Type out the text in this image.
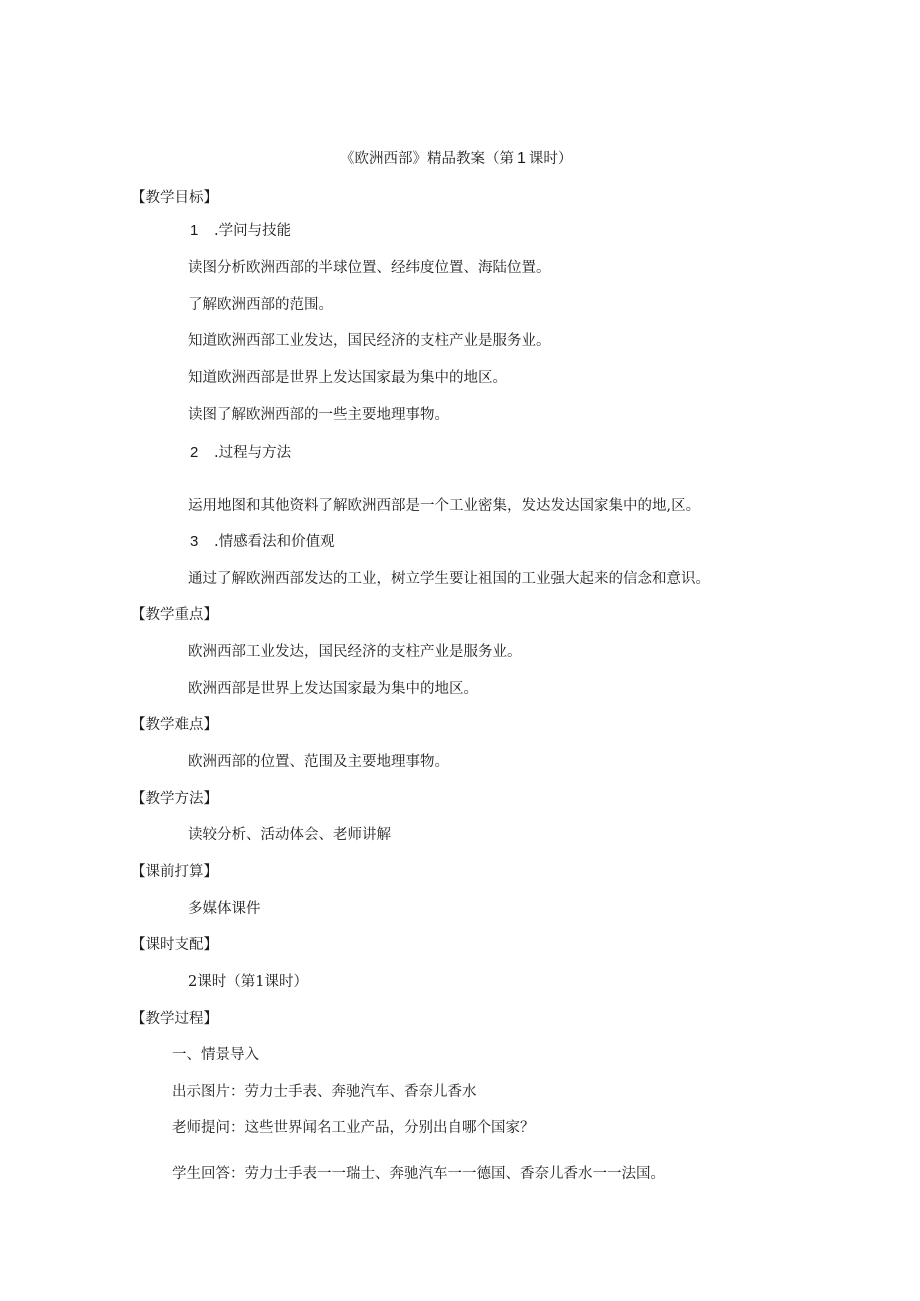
《欧洲西部》精品教案（第 1 课时）
【教学目标】
1 .学问与技能
读图分析欧洲西部的半球位置、经纬度位置、海陆位置。
了解欧洲西部的范围。
知道欧洲西部工业发达，国民经济的支柱产业是服务业。
知道欧洲西部是世界上发达国家最为集中的地区。
读图了解欧洲西部的一些主要地理事物。
2 .过程与方法
运用地图和其他资料了解欧洲西部是一个工业密集，发达发达国家集中的地,区。
3 .情感看法和价值观
通过了解欧洲西部发达的工业，树立学生要让祖国的工业强大起来的信念和意识。
【教学重点】
欧洲西部工业发达，国民经济的支柱产业是服务业。
欧洲西部是世界上发达国家最为集中的地区。
【教学难点】
欧洲西部的位置、范围及主要地理事物。
【教学方法】
读较分析、活动体会、老师讲解
【课前打算】
多媒体课件
【课时支配】
2课时（第1课时）
【教学过程】
一、情景导入
出示图片：劳力士手表、奔驰汽车、香奈儿香水
老师提问：这些世界闻名工业产品，分别出自哪个国家？
学生回答：劳力士手表一一瑞士、奔驰汽车一一德国、香奈儿香水一一法国。
